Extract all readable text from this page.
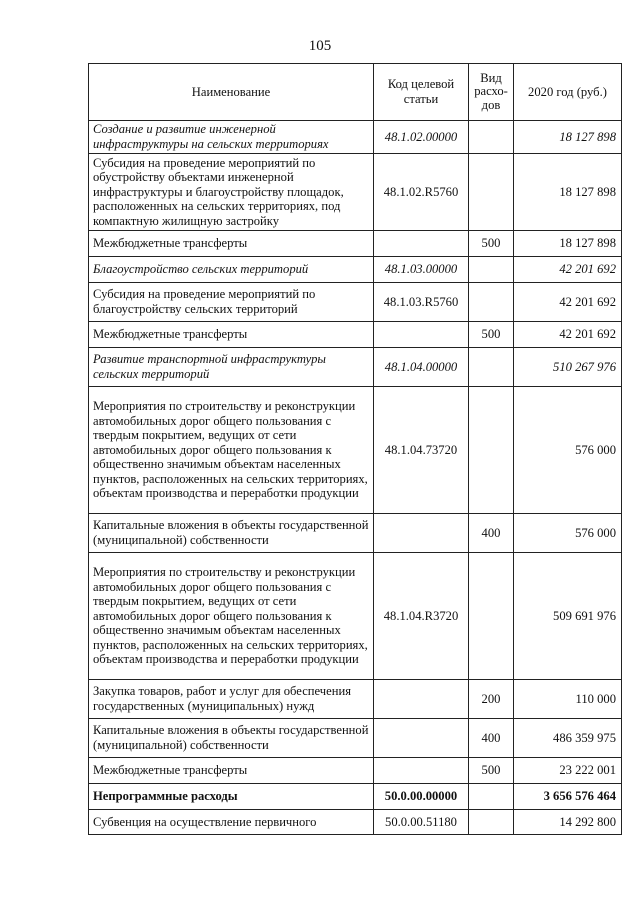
105
Наименование	Код целевой статьи	Вид расхо-дов	2020 год (руб.)
Создание и развитие инженерной инфраструктуры на сельских территориях	48.1.02.00000		18 127 898
Субсидия на проведение мероприятий по обустройству объектами инженерной инфраструктуры и благоустройству площадок, расположенных на сельских территориях, под компактную жилищную застройку	48.1.02.R5760		18 127 898
Межбюджетные трансферты		500	18 127 898
Благоустройство сельских территорий	48.1.03.00000		42 201 692
Субсидия на проведение мероприятий по благоустройству сельских территорий	48.1.03.R5760		42 201 692
Межбюджетные трансферты		500	42 201 692
Развитие транспортной инфраструктуры сельских территорий	48.1.04.00000		510 267 976
Мероприятия по строительству и реконструкции автомобильных дорог общего пользования с твердым покрытием, ведущих от сети автомобильных дорог общего пользования к общественно значимым объектам населенных пунктов, расположенных на сельских территориях, объектам производства и переработки продукции	48.1.04.73720		576 000
Капитальные вложения в объекты государственной (муниципальной) собственности		400	576 000
Мероприятия по строительству и реконструкции автомобильных дорог общего пользования с твердым покрытием, ведущих от сети автомобильных дорог общего пользования к общественно значимым объектам населенных пунктов, расположенных на сельских территориях, объектам производства и переработки продукции	48.1.04.R3720		509 691 976
Закупка товаров, работ и услуг для обеспечения государственных (муниципальных) нужд		200	110 000
Капитальные вложения в объекты государственной (муниципальной) собственности		400	486 359 975
Межбюджетные трансферты		500	23 222 001
Непрограммные расходы	50.0.00.00000		3 656 576 464
Субвенция на осуществление первичного	50.0.00.51180		14 292 800
